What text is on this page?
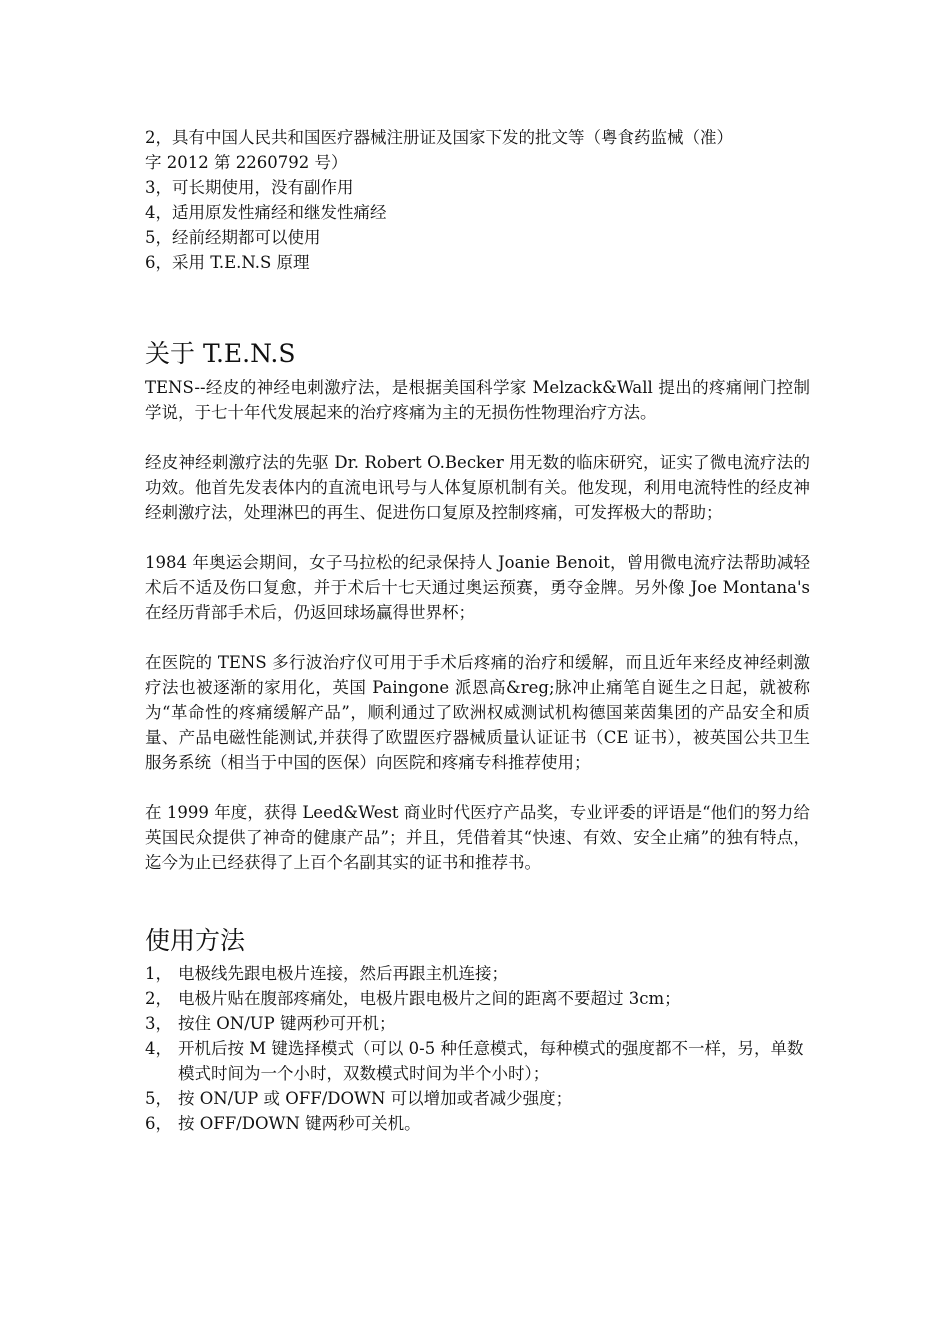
2，具有中国人民共和国医疗器械注册证及国家下发的批文等（粤食药监械（准）
字 2012 第 2260792 号）
3，可长期使用，没有副作用
4，适用原发性痛经和继发性痛经
5，经前经期都可以使用
6，采用 T.E.N.S 原理
关于 T.E.N.S

TENS--经皮的神经电刺激疗法，是根据美国科学家 Melzack&Wall 提出的疼痛闸门控制学说，于七十年代发展起来的治疗疼痛为主的无损伤性物理治疗方法。

经皮神经刺激疗法的先驱 Dr. Robert O.Becker 用无数的临床研究，证实了微电流疗法的功效。他首先发表体内的直流电讯号与人体复原机制有关。他发现，利用电流特性的经皮神经刺激疗法，处理淋巴的再生、促进伤口复原及控制疼痛，可发挥极大的帮助；

1984 年奥运会期间，女子马拉松的纪录保持人 Joanie Benoit，曾用微电流疗法帮助减轻术后不适及伤口复愈，并于术后十七天通过奥运预赛，勇夺金牌。另外像 Joe Montana's 在经历背部手术后，仍返回球场赢得世界杯；

在医院的 TENS 多行波治疗仪可用于手术后疼痛的治疗和缓解，而且近年来经皮神经刺激疗法也被逐渐的家用化，英国 Paingone 派恩高&reg;脉冲止痛笔自诞生之日起，就被称为“革命性的疼痛缓解产品”，顺利通过了欧洲权威测试机构德国莱茵集团的产品安全和质量、产品电磁性能测试,并获得了欧盟医疗器械质量认证证书（CE 证书），被英国公共卫生服务系统（相当于中国的医保）向医院和疼痛专科推荐使用；

在 1999 年度，获得 Leed&West 商业时代医疗产品奖，专业评委的评语是“他们的努力给英国民众提供了神奇的健康产品”；并且，凭借着其“快速、有效、安全止痛”的独有特点，迄今为止已经获得了上百个名副其实的证书和推荐书。

使用方法
1， 电极线先跟电极片连接，然后再跟主机连接；
2， 电极片贴在腹部疼痛处，电极片跟电极片之间的距离不要超过 3cm；
3， 按住 ON/UP 键两秒可开机；
4， 开机后按 M 键选择模式（可以 0-5 种任意模式，每种模式的强度都不一样，另，单数模式时间为一个小时，双数模式时间为半个小时）；
5， 按 ON/UP 或 OFF/DOWN 可以增加或者减少强度；
6， 按 OFF/DOWN 键两秒可关机。
